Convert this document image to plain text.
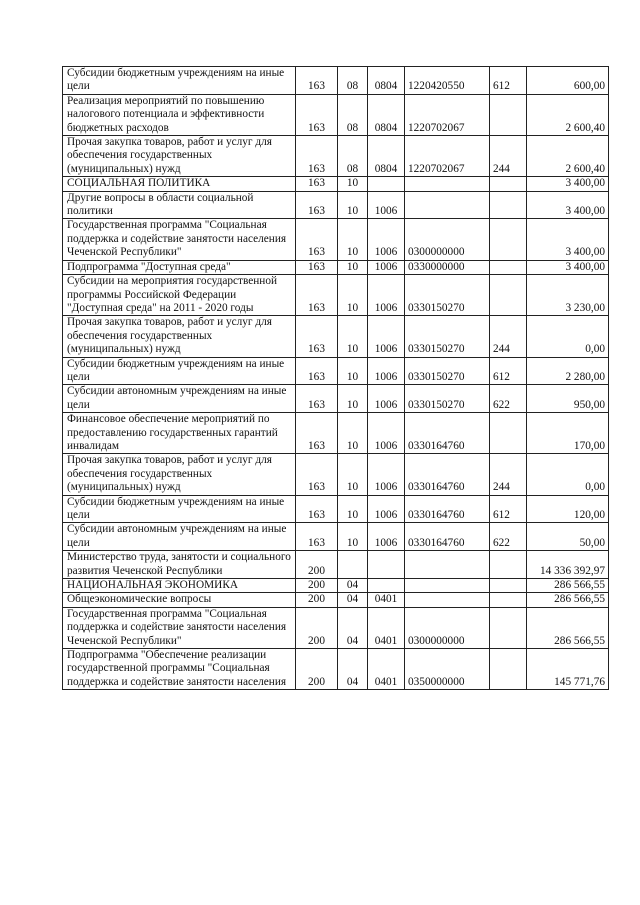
Субсидии бюджетным учреждениям на иные цели	163	08	0804	1220420550	612	600,00
Реализация мероприятий по повышению налогового потенциала и эффективности бюджетных расходов	163	08	0804	1220702067		2 600,40
Прочая закупка товаров, работ и услуг для обеспечения государственных (муниципальных) нужд	163	08	0804	1220702067	244	2 600,40
СОЦИАЛЬНАЯ ПОЛИТИКА	163	10				3 400,00
Другие вопросы в области социальной политики	163	10	1006			3 400,00
Государственная программа "Социальная поддержка и содействие занятости населения Чеченской Республики"	163	10	1006	0300000000		3 400,00
Подпрограмма "Доступная среда"	163	10	1006	0330000000		3 400,00
Субсидии на мероприятия государственной программы Российской Федерации "Доступная среда" на 2011 - 2020 годы	163	10	1006	0330150270		3 230,00
Прочая закупка товаров, работ и услуг для обеспечения государственных (муниципальных) нужд	163	10	1006	0330150270	244	0,00
Субсидии бюджетным учреждениям на иные цели	163	10	1006	0330150270	612	2 280,00
Субсидии автономным учреждениям на иные цели	163	10	1006	0330150270	622	950,00
Финансовое обеспечение мероприятий по предоставлению государственных гарантий инвалидам	163	10	1006	0330164760		170,00
Прочая закупка товаров, работ и услуг для обеспечения государственных (муниципальных) нужд	163	10	1006	0330164760	244	0,00
Субсидии бюджетным учреждениям на иные цели	163	10	1006	0330164760	612	120,00
Субсидии автономным учреждениям на иные цели	163	10	1006	0330164760	622	50,00
Министерство труда, занятости и социального развития Чеченской Республики	200					14 336 392,97
НАЦИОНАЛЬНАЯ ЭКОНОМИКА	200	04				286 566,55
Общеэкономические вопросы	200	04	0401			286 566,55
Государственная программа "Социальная поддержка и содействие занятости населения Чеченской Республики"	200	04	0401	0300000000		286 566,55
Подпрограмма "Обеспечение реализации государственной программы "Социальная поддержка и содействие занятости населения	200	04	0401	0350000000		145 771,76
